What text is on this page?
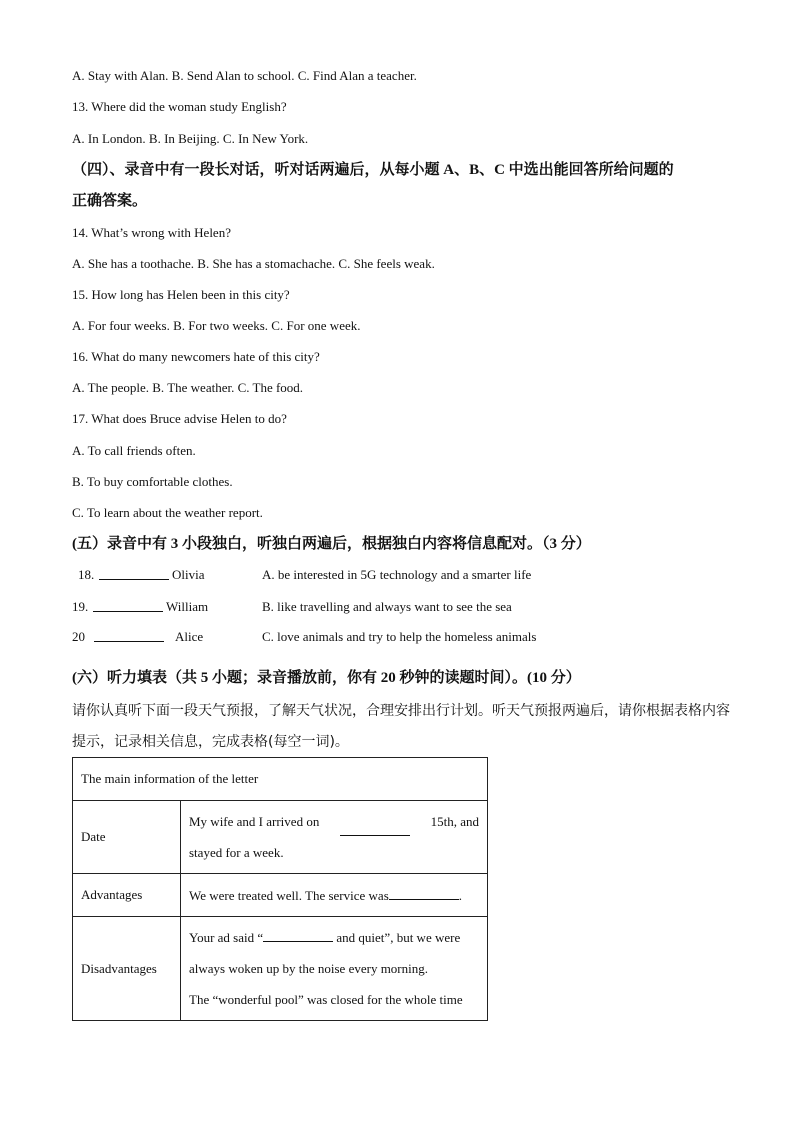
A. Stay with Alan. B. Send Alan to school. C. Find Alan a teacher.
13. Where did the woman study English?
A. In London. B. In Beijing. C. In New York.
（四）、录音中有一段长对话，听对话两遍后，从每小题 A、B、C 中选出能回答所给问题的
正确答案。
14. What’s wrong with Helen?
A. She has a toothache. B. She has a stomachache. C. She feels weak.
15. How long has Helen been in this city?
A. For four weeks. B. For two weeks. C. For one week.
16. What do many newcomers hate of this city?
A. The people. B. The weather. C. The food.
17. What does Bruce advise Helen to do?
A. To call friends often.
B. To buy comfortable clothes.
C. To learn about the weather report.
(五）录音中有 3 小段独白，听独白两遍后，根据独白内容将信息配对。（3 分）
18.	Olivia	A. be interested in 5G technology and a smarter life
19.	William	B. like travelling and always want to see the sea
20	Alice	C. love animals and try to help the homeless animals
(六）听力填表（共 5 小题；录音播放前，你有 20 秒钟的读题时间）。(10 分）
请你认真听下面一段天气预报，了解天气状况，合理安排出行计划。听天气预报两遍后，请你根据表格内容
提示，记录相关信息，完成表格(每空一词)。
The main information of the letter	
Date	My wife and I arrived on 15th, and
stayed for a week.

Advantages	We were treated well. The service was .

Disadvantages	Your ad said “ and quiet”, but we were
always woken up by the noise every morning.
The “wonderful pool” was closed for the whole time
